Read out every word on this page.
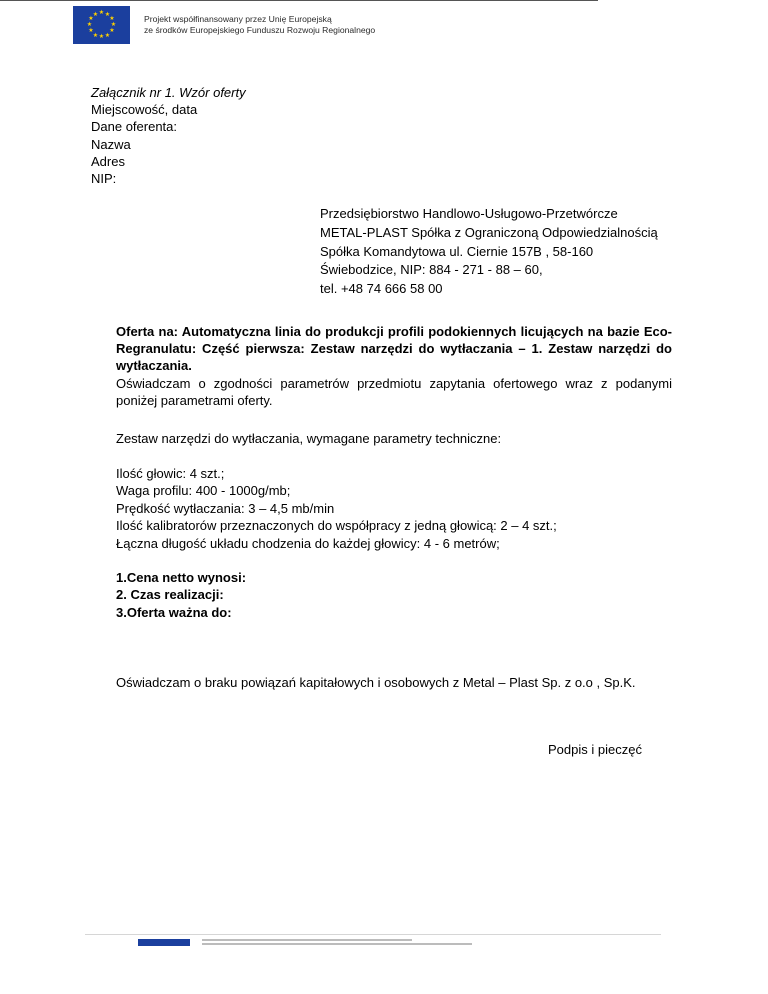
★ ★
★
★
★
★
★
★
★
★
★
★	Projekt współfinansowany przez Unię Europejską
ze środków Europejskiego Funduszu Rozwoju Regionalnego
Załącznik nr 1. Wzór oferty
Miejscowość, data
Dane oferenta:
Nazwa
Adres
NIP:
Przedsiębiorstwo Handlowo-Usługowo-Przetwórcze
METAL-PLAST Spółka z Ograniczoną Odpowiedzialnością
Spółka Komandytowa ul. Ciernie 157B , 58-160
Świebodzice, NIP: 884 - 271 - 88 – 60,
tel. +48 74 666 58 00
Oferta na: Automatyczna linia do produkcji profili podokiennych licujących na bazie Eco-Regranulatu: Część pierwsza: Zestaw narzędzi do wytłaczania – 1. Zestaw narzędzi do wytłaczania.
Oświadczam o zgodności parametrów przedmiotu zapytania ofertowego wraz z podanymi poniżej parametrami oferty.
Zestaw narzędzi do wytłaczania, wymagane parametry techniczne:
Ilość głowic: 4 szt.;
Waga profilu: 400 - 1000g/mb;
Prędkość wytłaczania: 3 – 4,5 mb/min
Ilość kalibratorów przeznaczonych do współpracy z jedną głowicą: 2 – 4 szt.;
Łączna długość układu chodzenia do każdej głowicy: 4 - 6 metrów;
1.Cena netto wynosi:
2. Czas realizacji:
3.Oferta ważna do:
Oświadczam o braku powiązań kapitałowych i osobowych z Metal – Plast Sp. z o.o , Sp.K.
Podpis i pieczęć
